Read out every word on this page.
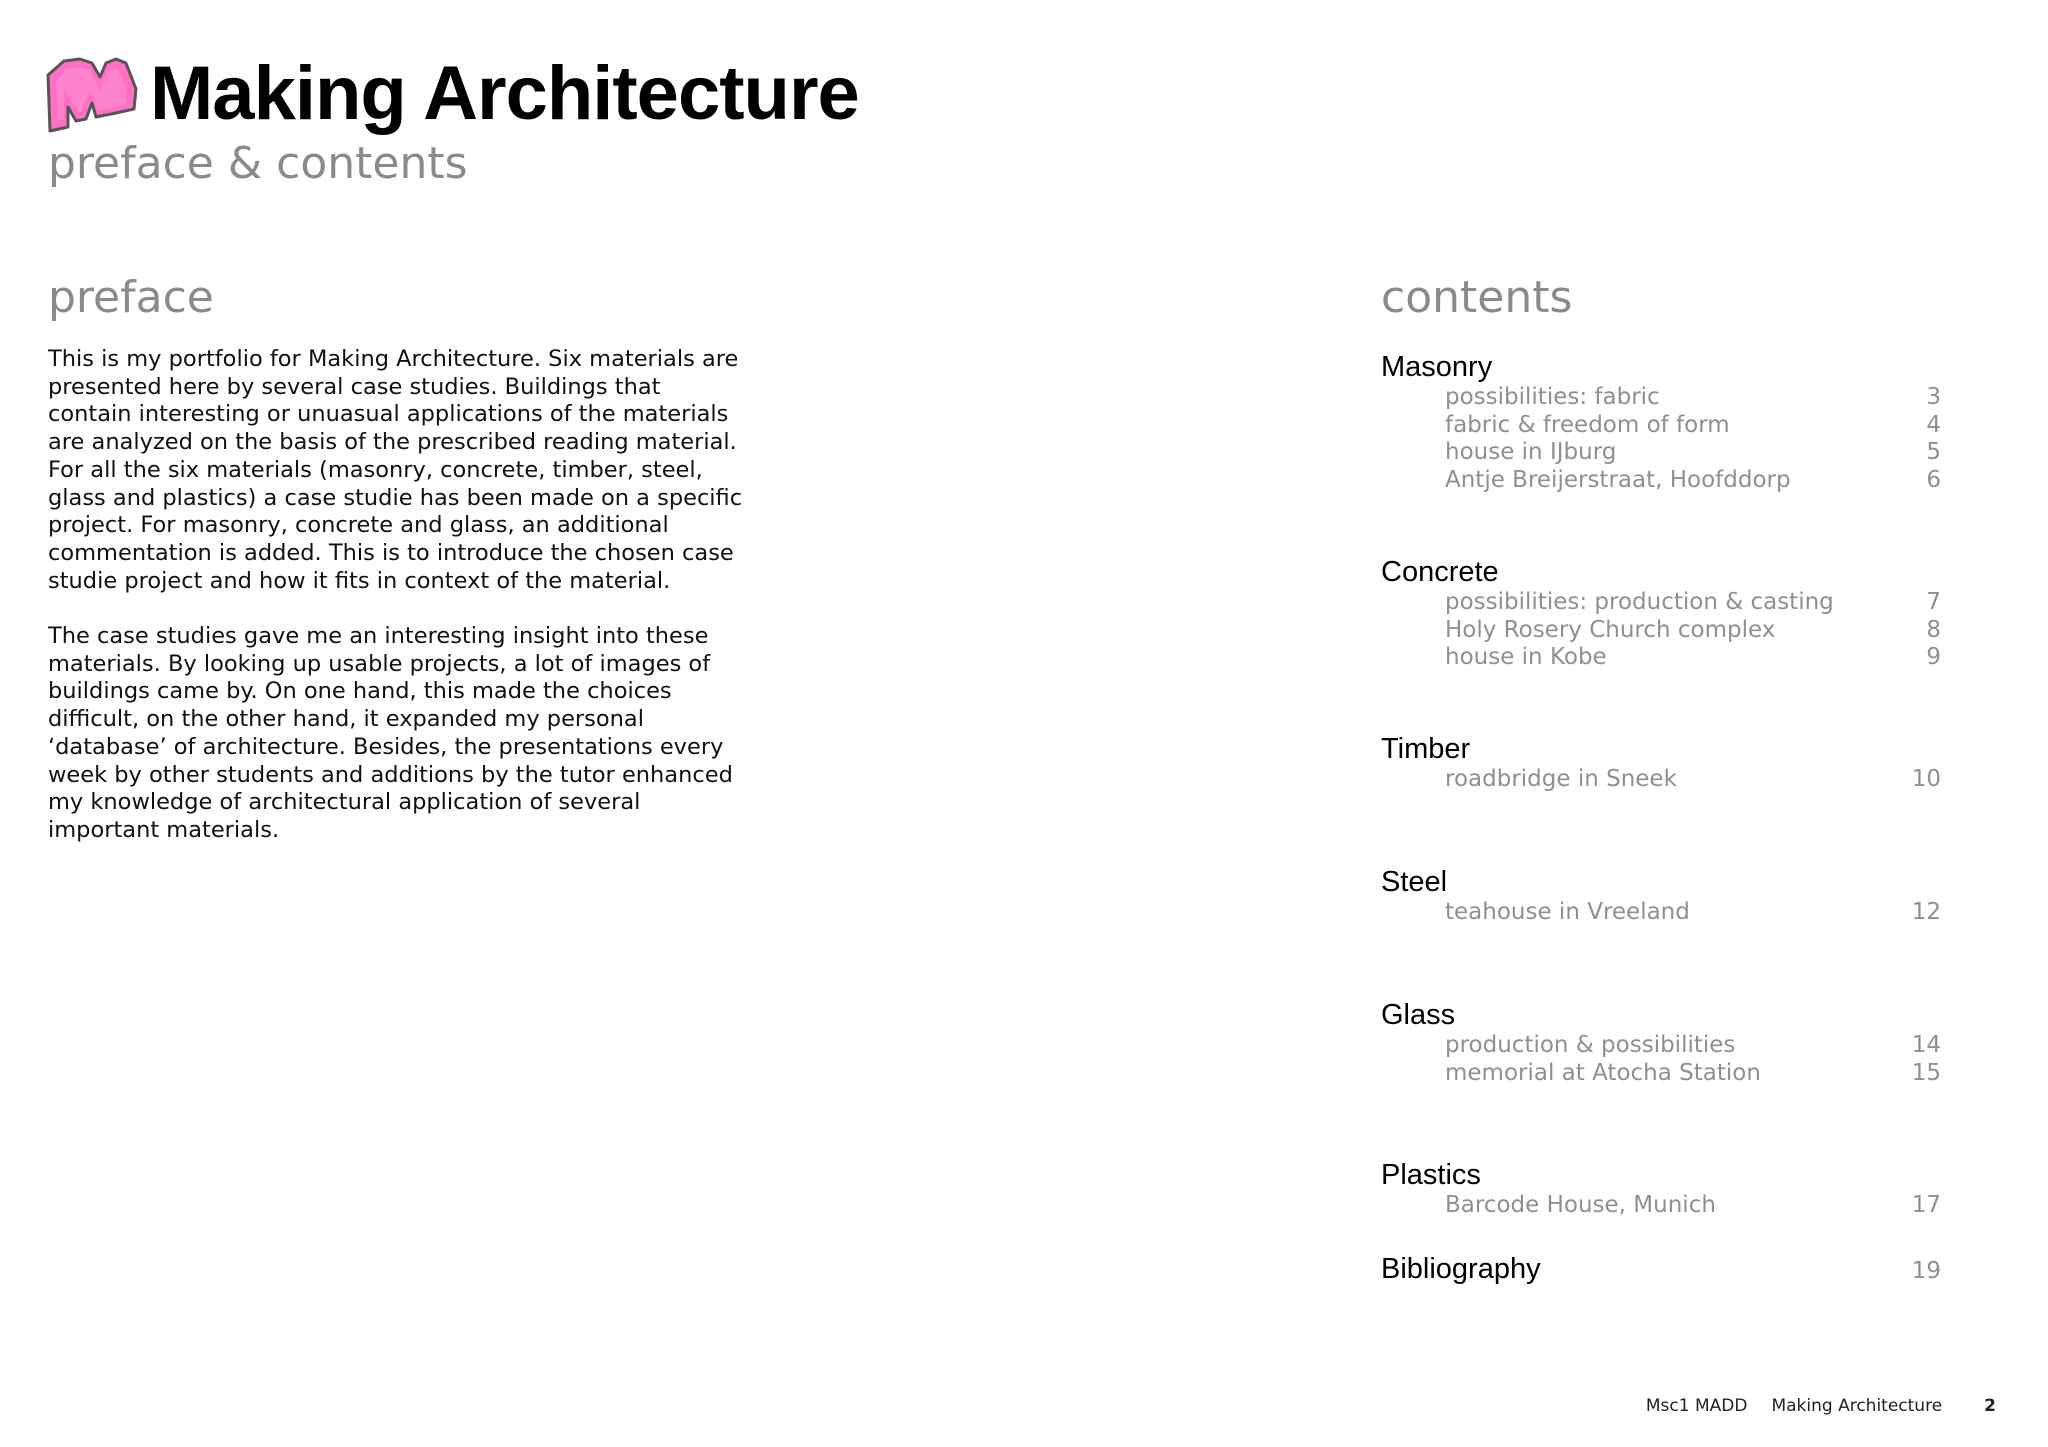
Making Architecture
preface & contents
preface

This is my portfolio for Making Architecture. Six materials are presented here by several case studies. Buildings that contain interesting or unuasual applications of the materials are analyzed on the basis of the prescribed reading material.
For all the six materials (masonry, concrete, timber, steel, glass and plastics) a case studie has been made on a specific project. For masonry, concrete and glass, an additional commentation is added. This is to introduce the chosen case studie project and how it fits in context of the material.

The case studies gave me an interesting insight into these materials. By looking up usable projects, a lot of images of buildings came by. On one hand, this made the choices difficult, on the other hand, it expanded my personal ‘database’ of architecture. Besides, the presentations every week by other students and additions by the tutor enhanced my knowledge of architectural application of several important materials.

contents
Masonry
possibilities: fabric	3
fabric & freedom of form	4
house in IJburg	5
Antje Breijerstraat, Hoofddorp	6
Concrete
possibilities: production & casting	7
Holy Rosery Church complex	8
house in Kobe	9
Timber
roadbridge in Sneek	10
Steel
teahouse in Vreeland	12
Glass
production & possibilities	14
memorial at Atocha Station	15
Plastics
Barcode House, Munich	17
Bibliography	19
Msc1 MADD Making Architecture 2
